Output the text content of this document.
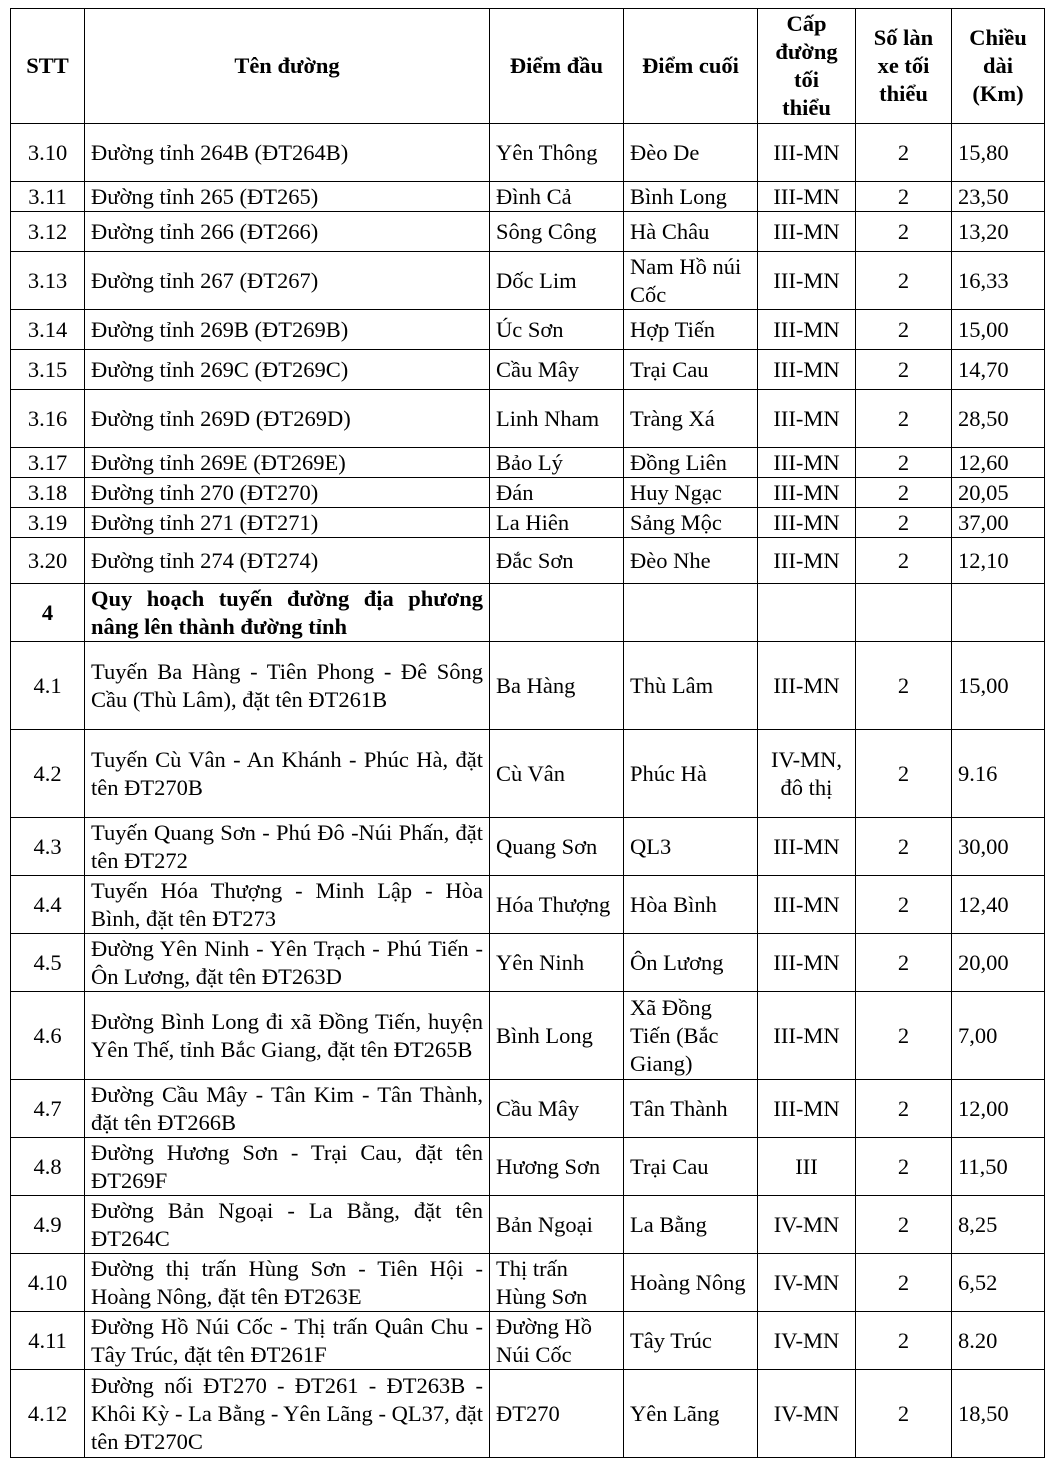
STT	Tên đường	Điểm đầu	Điểm cuối	Cấp đường tối thiểu	Số làn xe tối thiểu	Chiều dài (Km)
3.10	Đường tỉnh 264B (ĐT264B)	Yên Thông	Đèo De	III-MN	2	15,80
3.11	Đường tỉnh 265 (ĐT265)	Đình Cả	Bình Long	III-MN	2	23,50
3.12	Đường tỉnh 266 (ĐT266)	Sông Công	Hà Châu	III-MN	2	13,20
3.13	Đường tỉnh 267 (ĐT267)	Dốc Lim	Nam Hồ núi Cốc	III-MN	2	16,33
3.14	Đường tỉnh 269B (ĐT269B)	Úc Sơn	Hợp Tiến	III-MN	2	15,00
3.15	Đường tỉnh 269C (ĐT269C)	Cầu Mây	Trại Cau	III-MN	2	14,70
3.16	Đường tỉnh 269D (ĐT269D)	Linh Nham	Tràng Xá	III-MN	2	28,50
3.17	Đường tỉnh 269E (ĐT269E)	Bảo Lý	Đồng Liên	III-MN	2	12,60
3.18	Đường tỉnh 270 (ĐT270)	Đán	Huy Ngạc	III-MN	2	20,05
3.19	Đường tỉnh 271 (ĐT271)	La Hiên	Sảng Mộc	III-MN	2	37,00
3.20	Đường tỉnh 274 (ĐT274)	Đắc Sơn	Đèo Nhe	III-MN	2	12,10
4	Quy hoạch tuyến đường địa phương nâng lên thành đường tỉnh					
4.1	Tuyến Ba Hàng - Tiên Phong - Đê Sông Cầu (Thù Lâm), đặt tên ĐT261B	Ba Hàng	Thù Lâm	III-MN	2	15,00
4.2	Tuyến Cù Vân - An Khánh - Phúc Hà, đặt tên ĐT270B	Cù Vân	Phúc Hà	IV-MN, đô thị	2	9.16
4.3	Tuyến Quang Sơn - Phú Đô -Núi Phấn, đặt tên ĐT272	Quang Sơn	QL3	III-MN	2	30,00
4.4	Tuyến Hóa Thượng - Minh Lập - Hòa Bình, đặt tên ĐT273	Hóa Thượng	Hòa Bình	III-MN	2	12,40
4.5	Đường Yên Ninh - Yên Trạch - Phú Tiến - Ôn Lương, đặt tên ĐT263D	Yên Ninh	Ôn Lương	III-MN	2	20,00
4.6	Đường Bình Long đi xã Đồng Tiến, huyện Yên Thế, tỉnh Bắc Giang, đặt tên ĐT265B	Bình Long	Xã Đồng Tiến (Bắc Giang)	III-MN	2	7,00
4.7	Đường Cầu Mây - Tân Kim - Tân Thành, đặt tên ĐT266B	Cầu Mây	Tân Thành	III-MN	2	12,00
4.8	Đường Hương Sơn - Trại Cau, đặt tên ĐT269F	Hương Sơn	Trại Cau	III	2	11,50
4.9	Đường Bản Ngoại - La Bằng, đặt tên ĐT264C	Bản Ngoại	La Bằng	IV-MN	2	8,25
4.10	Đường thị trấn Hùng Sơn - Tiên Hội - Hoàng Nông, đặt tên ĐT263E	Thị trấn Hùng Sơn	Hoàng Nông	IV-MN	2	6,52
4.11	Đường Hồ Núi Cốc - Thị trấn Quân Chu - Tây Trúc, đặt tên ĐT261F	Đường Hồ Núi Cốc	Tây Trúc	IV-MN	2	8.20
4.12	Đường nối ĐT270 - ĐT261 - ĐT263B - Khôi Kỳ - La Bằng - Yên Lãng - QL37, đặt tên ĐT270C	ĐT270	Yên Lãng	IV-MN	2	18,50
